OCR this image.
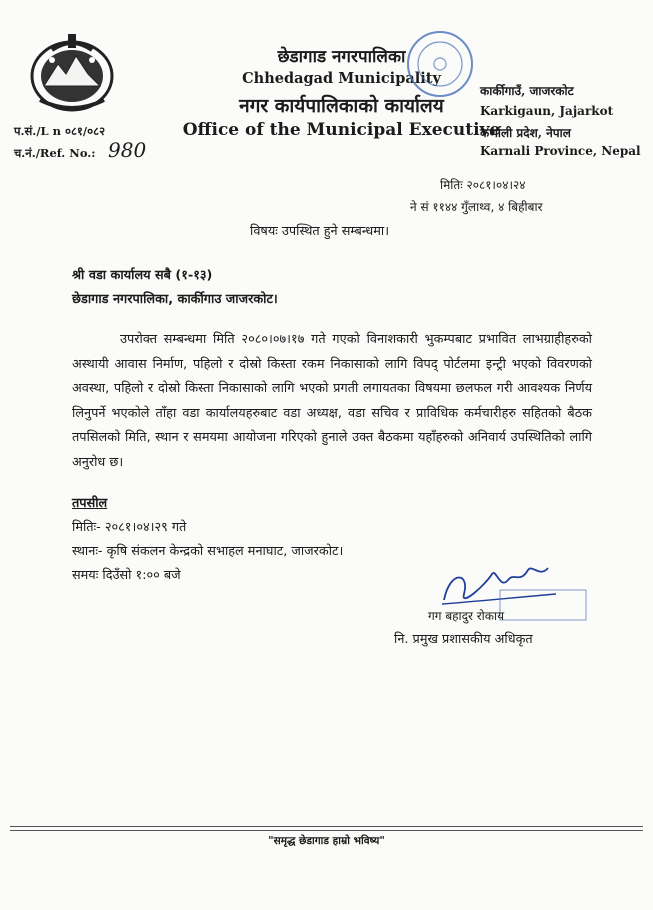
छेडागाड नगरपालिका
Chhedagad Municipality
नगर कार्यपालिकाको कार्यालय
Office of the Municipal Executive
कार्कीगाउँ, जाजरकोट
Karkigaun, Jajarkot
कर्णाली प्रदेश, नेपाल
Karnali Province, Nepal
प.सं./L n ०८१/०८२
च.नं./Ref. No.: 980
मितिः २०८१।०४।२४
ने सं ११४४ गुँलाथ्व, ४ बिहीबार
विषयः उपस्थित हुने सम्बन्धमा।
श्री वडा कार्यालय सबै (१-१३)
छेडागाड नगरपालिका, कार्कीगाउ जाजरकोट।
उपरोक्त सम्बन्धमा मिति २०८०।०७।१७ गते गएको विनाशकारी भुकम्पबाट प्रभावित लाभग्राहीहरुको अस्थायी आवास निर्माण, पहिलो र दोस्रो किस्ता रकम निकासाको लागि विपद् पोर्टलमा इन्ट्री भएको विवरणको अवस्था, पहिलो र दोस्रो किस्ता निकासाको लागि भएको प्रगती लगायतका विषयमा छलफल गरी आवश्यक निर्णय लिनुपर्ने भएकोले ताँहा वडा कार्यालयहरुबाट वडा अध्यक्ष, वडा सचिव र प्राविधिक कर्मचारीहरु सहितको बैठक तपसिलको मिति, स्थान र समयमा आयोजना गरिएको हुनाले उक्त बैठकमा यहाँहरुको अनिवार्य उपस्थितिको लागि अनुरोध छ।
तपसील
मितिः- २०८१।०४।२९ गते
स्थानः- कृषि संकलन केन्द्रको सभाहल मनाघाट, जाजरकोट।
समयः दिउँसो १:०० बजे
गग बहादुर रोकाय
नि. प्रमुख प्रशासकीय अधिकृत
"समृद्ध छेडागाड हाम्रो भविष्य"
